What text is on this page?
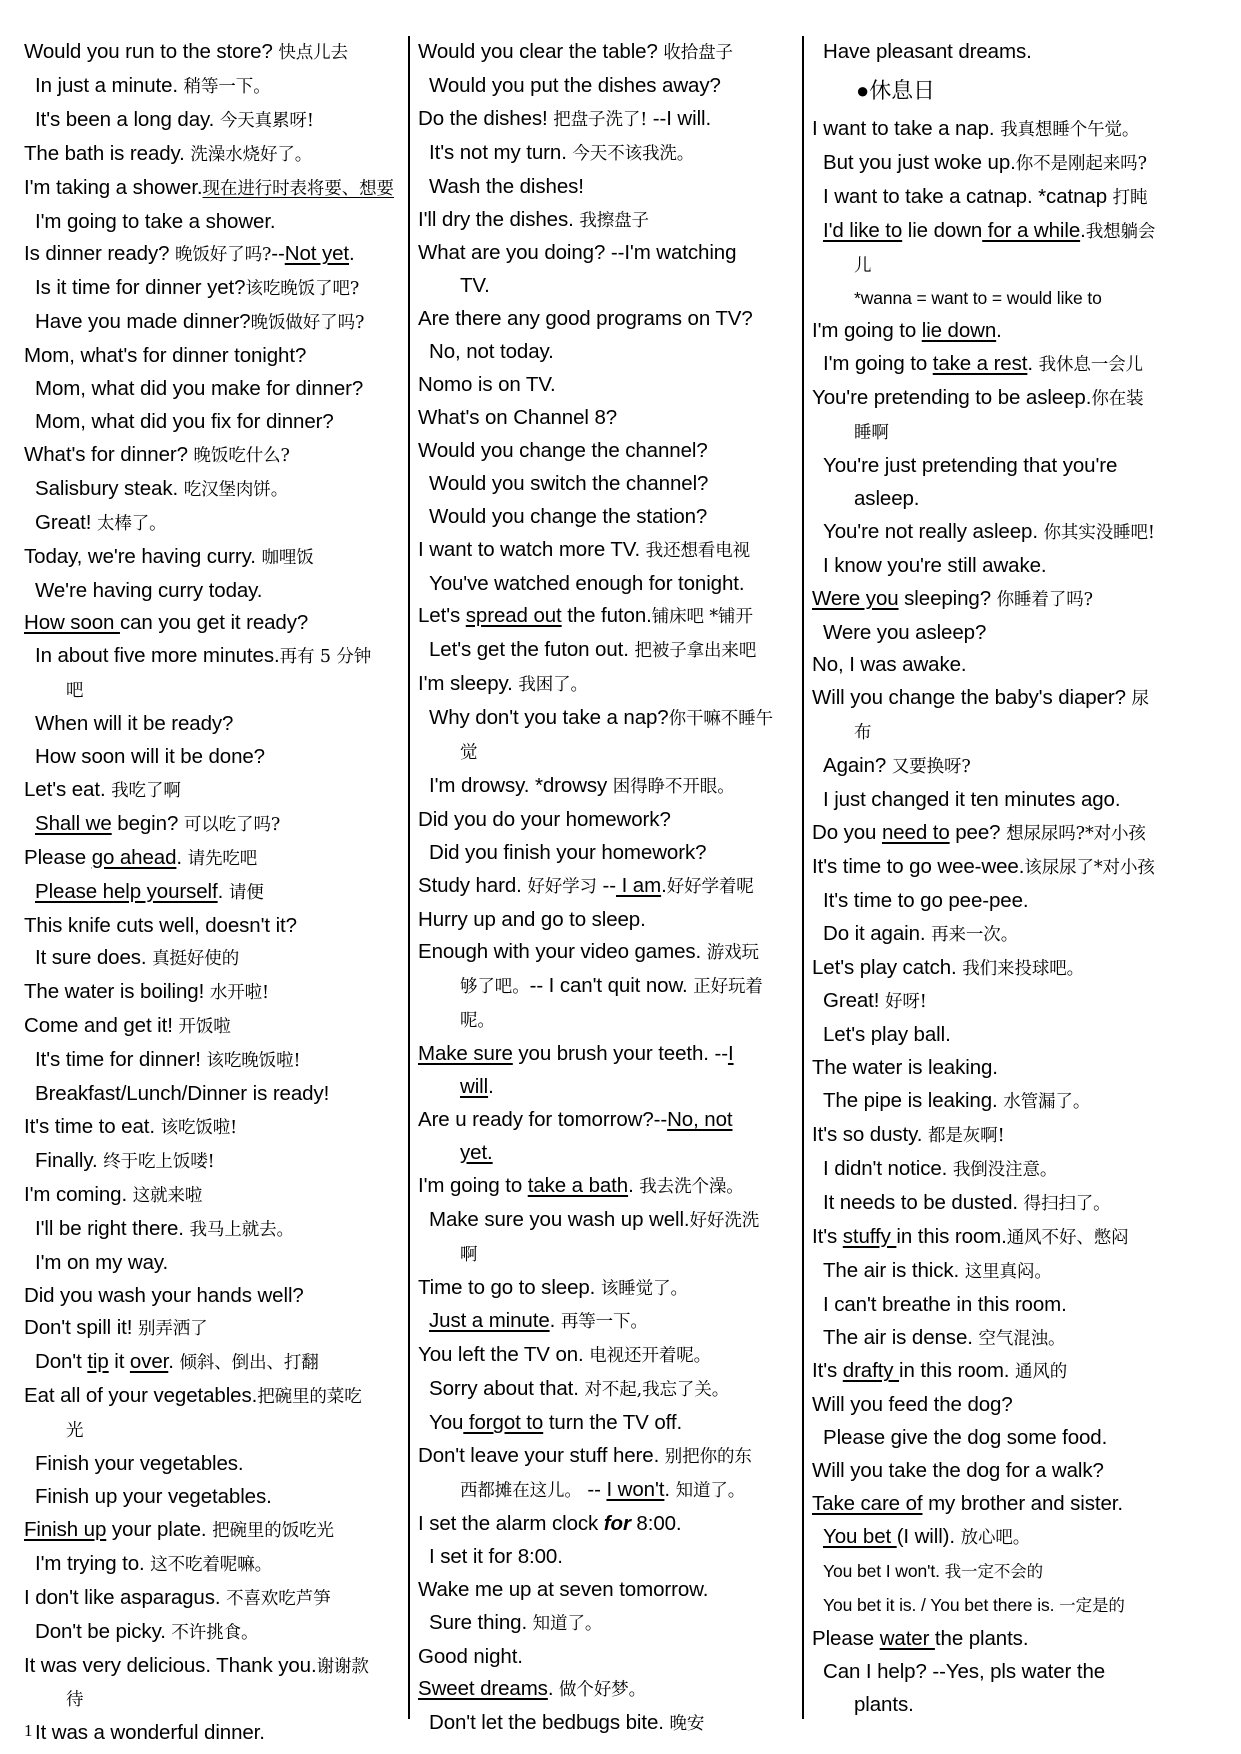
Would you run to the store? 快点儿去
In just a minute. 稍等一下。
It's been a long day. 今天真累呀!
The bath is ready. 洗澡水烧好了。
I'm taking a shower.现在进行时表将要、想要
I'm going to take a shower.
Is dinner ready? 晚饭好了吗?--Not yet.
Is it time for dinner yet?该吃晚饭了吧?
Have you made dinner?晚饭做好了吗?
Mom, what's for dinner tonight?
Mom, what did you make for dinner?
Mom, what did you fix for dinner?
What's for dinner? 晚饭吃什么?
Salisbury steak. 吃汉堡肉饼。
Great! 太棒了。
Today, we're having curry. 咖哩饭
We're having curry today.
How soon can you get it ready?
In about five more minutes.再有 5 分钟
吧
When will it be ready?
How soon will it be done?
Let's eat. 我吃了啊
Shall we begin? 可以吃了吗?
Please go ahead. 请先吃吧
Please help yourself. 请便
This knife cuts well, doesn't it?
It sure does. 真挺好使的
The water is boiling! 水开啦!
Come and get it! 开饭啦
It's time for dinner! 该吃晚饭啦!
Breakfast/Lunch/Dinner is ready!
It's time to eat. 该吃饭啦!
Finally. 终于吃上饭喽!
I'm coming. 这就来啦
I'll be right there. 我马上就去。
I'm on my way.
Did you wash your hands well?
Don't spill it! 别弄洒了
Don't tip it over. 倾斜、倒出、打翻
Eat all of your vegetables.把碗里的菜吃
光
Finish your vegetables.
Finish up your vegetables.
Finish up your plate. 把碗里的饭吃光
I'm trying to. 这不吃着呢嘛。
I don't like asparagus. 不喜欢吃芦笋
Don't be picky. 不许挑食。
It was very delicious. Thank you.谢谢款
待
It was a wonderful dinner.
Would you clear the table? 收拾盘子
Would you put the dishes away?
Do the dishes! 把盘子洗了! --I will.
It's not my turn. 今天不该我洗。
Wash the dishes!
I'll dry the dishes. 我擦盘子
What are you doing? --I'm watching
TV.
Are there any good programs on TV?
No, not today.
Nomo is on TV.
What's on Channel 8?
Would you change the channel?
Would you switch the channel?
Would you change the station?
I want to watch more TV. 我还想看电视
You've watched enough for tonight.
Let's spread out the futon.铺床吧 *铺开
Let's get the futon out. 把被子拿出来吧
I'm sleepy. 我困了。
Why don't you take a nap?你干嘛不睡午
觉
I'm drowsy. *drowsy 困得睁不开眼。
Did you do your homework?
Did you finish your homework?
Study hard. 好好学习 -- I am.好好学着呢
Hurry up and go to sleep.
Enough with your video games. 游戏玩
够了吧。-- I can't quit now. 正好玩着
呢。
Make sure you brush your teeth. --I
will.
Are u ready for tomorrow?--No, not
yet.
I'm going to take a bath. 我去洗个澡。
Make sure you wash up well.好好洗洗
啊
Time to go to sleep. 该睡觉了。
Just a minute. 再等一下。
You left the TV on. 电视还开着呢。
Sorry about that. 对不起,我忘了关。
You forgot to turn the TV off.
Don't leave your stuff here. 别把你的东
西都摊在这儿。 -- I won't. 知道了。
I set the alarm clock for 8:00.
I set it for 8:00.
Wake me up at seven tomorrow.
Sure thing. 知道了。
Good night.
Sweet dreams. 做个好梦。
Don't let the bedbugs bite. 晚安
Have pleasant dreams.
●休息日
I want to take a nap. 我真想睡个午觉。
But you just woke up.你不是刚起来吗?
I want to take a catnap. *catnap 打盹
I'd like to lie down for a while.我想躺会
儿
*wanna = want to = would like to
I'm going to lie down.
I'm going to take a rest. 我休息一会儿
You're pretending to be asleep.你在装
睡啊
You're just pretending that you're
asleep.
You're not really asleep. 你其实没睡吧!
I know you're still awake.
Were you sleeping? 你睡着了吗?
Were you asleep?
No, I was awake.
Will you change the baby's diaper? 尿
布
Again? 又要换呀?
I just changed it ten minutes ago.
Do you need to pee? 想尿尿吗?*对小孩
It's time to go wee-wee.该尿尿了*对小孩
It's time to go pee-pee.
Do it again. 再来一次。
Let's play catch. 我们来投球吧。
Great! 好呀!
Let's play ball.
The water is leaking.
The pipe is leaking. 水管漏了。
It's so dusty. 都是灰啊!
I didn't notice. 我倒没注意。
It needs to be dusted. 得扫扫了。
It's stuffy in this room.通风不好、憋闷
The air is thick. 这里真闷。
I can't breathe in this room.
The air is dense. 空气混浊。
It's drafty in this room. 通风的
Will you feed the dog?
Please give the dog some food.
Will you take the dog for a walk?
Take care of my brother and sister.
You bet (I will). 放心吧。
You bet I won't. 我一定不会的
You bet it is. / You bet there is. 一定是的
Please water the plants.
Can I help? --Yes, pls water the
plants.
1
